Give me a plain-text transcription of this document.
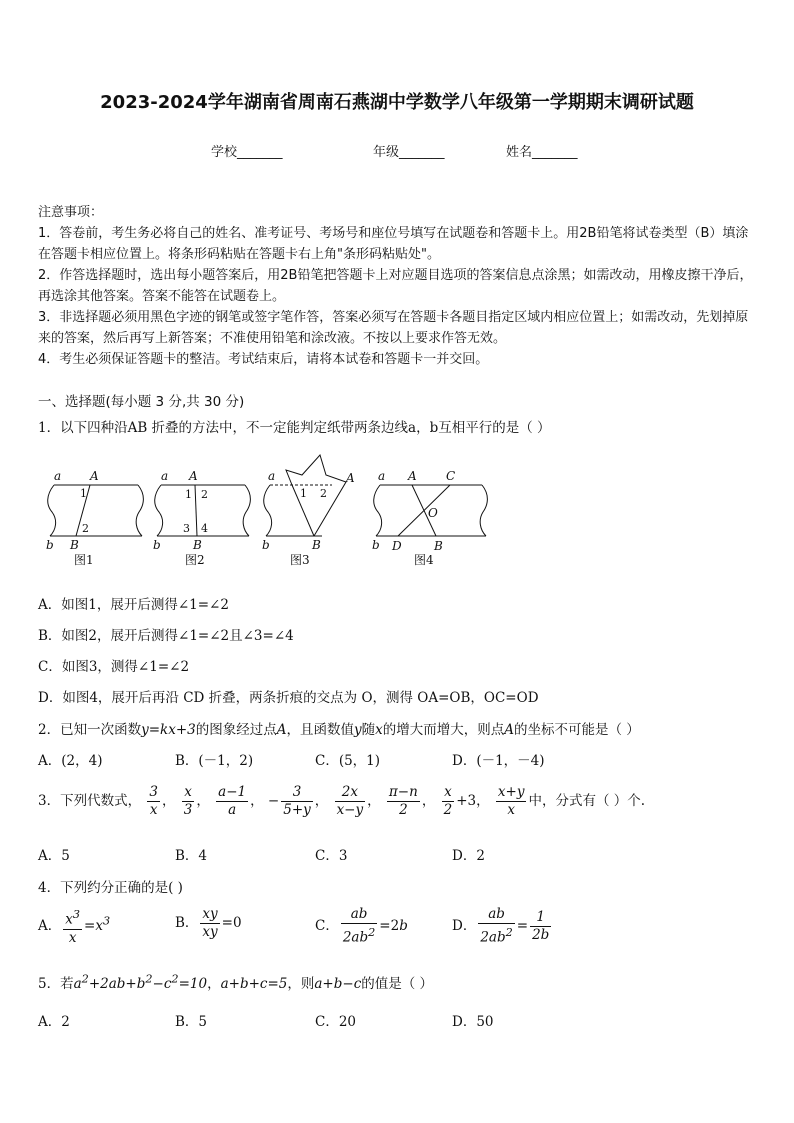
2023-2024学年湖南省周南石燕湖中学数学八年级第一学期期末调研试题
学校_______	年级_______	姓名_______

注意事项：

1．答卷前，考生务必将自己的姓名、准考证号、考场号和座位号填写在试题卷和答题卡上。用2B铅笔将试卷类型（B）填涂在答题卡相应位置上。将条形码粘贴在答题卡右上角"条形码粘贴处"。

2．作答选择题时，选出每小题答案后，用2B铅笔把答题卡上对应题目选项的答案信息点涂黑；如需改动，用橡皮擦干净后，再选涂其他答案。答案不能答在试题卷上。

3．非选择题必须用黑色字迹的钢笔或签字笔作答，答案必须写在答题卡各题目指定区域内相应位置上；如需改动，先划掉原来的答案，然后再写上新答案；不准使用铅笔和涂改液。不按以上要求作答无效。

4．考生必须保证答题卡的整洁。考试结束后，请将本试卷和答题卡一并交回。

一、选择题(每小题 3 分,共 30 分)
1．以下四种沿AB 折叠的方法中，不一定能判定纸带两条边线a，b互相平行的是（ ）
a A
1
2
b B
图1
a A
1 2
3 4
b	B
图2
a	A
1 2
b	B
图3
a A C
O
b D	B
图4
A．如图1，展开后测得∠1=∠2
B．如图2，展开后测得∠1=∠2且∠3=∠4
C．如图3，测得∠1=∠2
D．如图4，展开后再沿 CD 折叠，两条折痕的交点为 O，测得 OA=OB，OC=OD
2．已知一次函数y=kx+3的图象经过点A，且函数值y随x的增大而增大，则点A的坐标不可能是（ ）
A．(2，4)	B．(－1，2)	C．(5，1)	D．(－1，－4)
3．下列代数式， $\frac{3}{x}$ ， $\frac{x}{3}$ ， $\frac{a-1}{a}$ ， − $\frac{3}{5+y}$ ， $\frac{2x}{x-y}$ ， $\frac{\pi-n}{2}$ ， $\frac{x}{2} +3$， $\frac{x+y}{x}$ 中，分式有（ ）个.
A．5	B．4	C．3	D．2
4．下列约分正确的是( )
A． $\frac{x^3}{x} =x^3$	B． $\frac{xy}{xy} =0$	C． $\frac{ab}{2ab^2} =2b$	D． $\frac{ab}{2ab^2} = \frac{1}{2b}$
5．若$a^2+2ab+b^2-c^2=10$，a+b+c=5，则a+b−c的值是（ ）
A．2	B．5	C．20	D．50
